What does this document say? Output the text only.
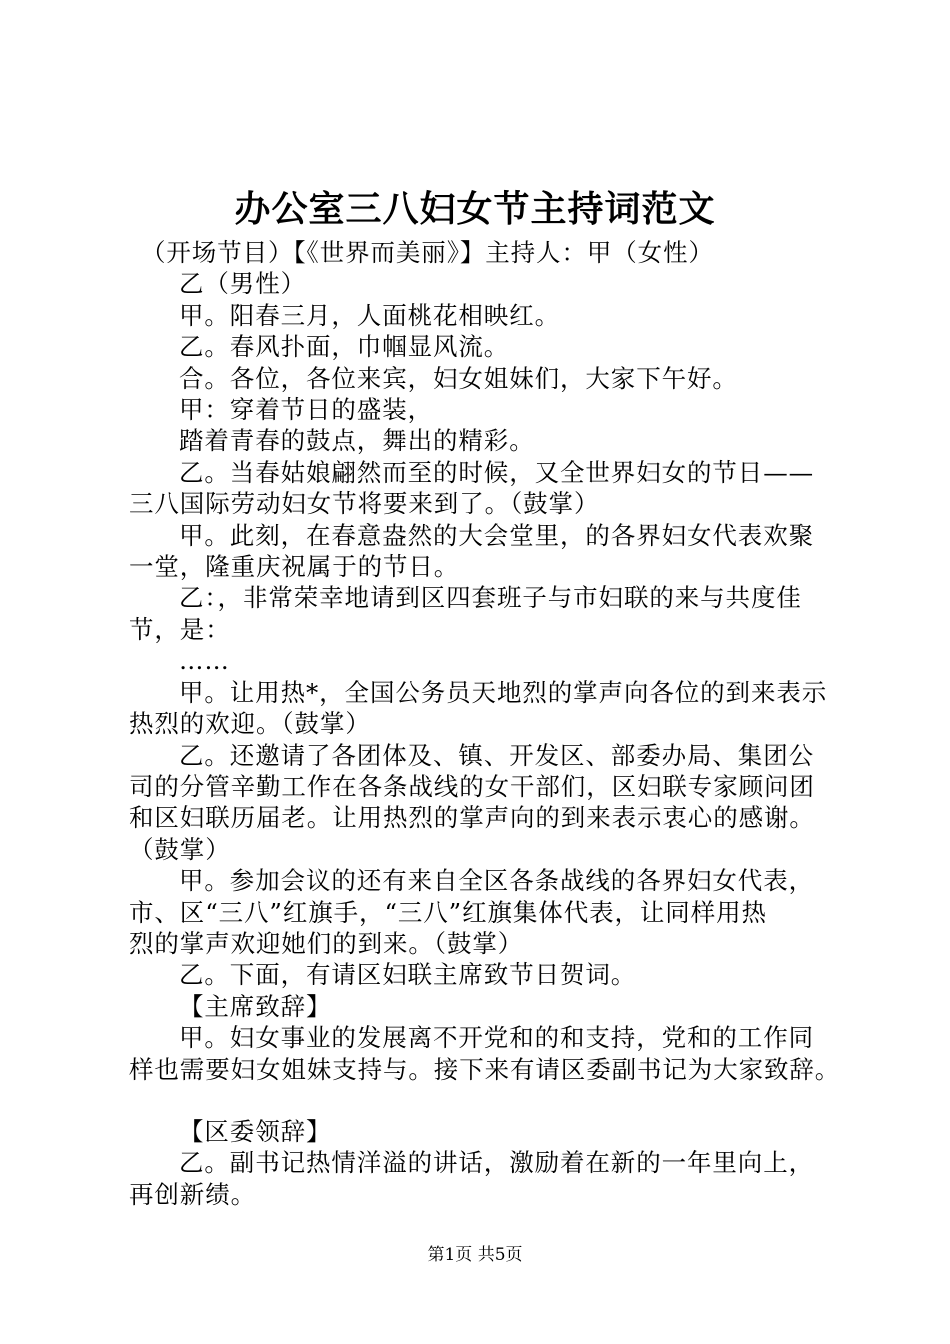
办公室三八妇女节主持词范文

（开场节目）【《世界而美丽》】主持人：甲（女性）

乙（男性）

甲。阳春三月，人面桃花相映红。

乙。春风扑面，巾帼显风流。

合。各位，各位来宾，妇女姐妹们，大家下午好。

甲：穿着节日的盛装，

踏着青春的鼓点，舞出的精彩。

乙。当春姑娘翩然而至的时候，又全世界妇女的节日——

三八国际劳动妇女节将要来到了。（鼓掌）

甲。此刻，在春意盎然的大会堂里，的各界妇女代表欢聚

一堂，隆重庆祝属于的节日。

乙：，非常荣幸地请到区四套班子与市妇联的来与共度佳

节，是：

……

甲。让用热*，全国公务员天地烈的掌声向各位的到来表示

热烈的欢迎。（鼓掌）

乙。还邀请了各团体及、镇、开发区、部委办局、集团公

司的分管辛勤工作在各条战线的女干部们，区妇联专家顾问团

和区妇联历届老。让用热烈的掌声向的到来表示衷心的感谢。

（鼓掌）

甲。参加会议的还有来自全区各条战线的各界妇女代表，

市、区“三八”红旗手，“三八”红旗集体代表，让同样用热

烈的掌声欢迎她们的到来。（鼓掌）

乙。下面，有请区妇联主席致节日贺词。

【主席致辞】

甲。妇女事业的发展离不开党和的和支持，党和的工作同

样也需要妇女姐妹支持与。接下来有请区委副书记为大家致辞。

【区委领辞】

乙。副书记热情洋溢的讲话，激励着在新的一年里向上，

再创新绩。

第1页 共5页
